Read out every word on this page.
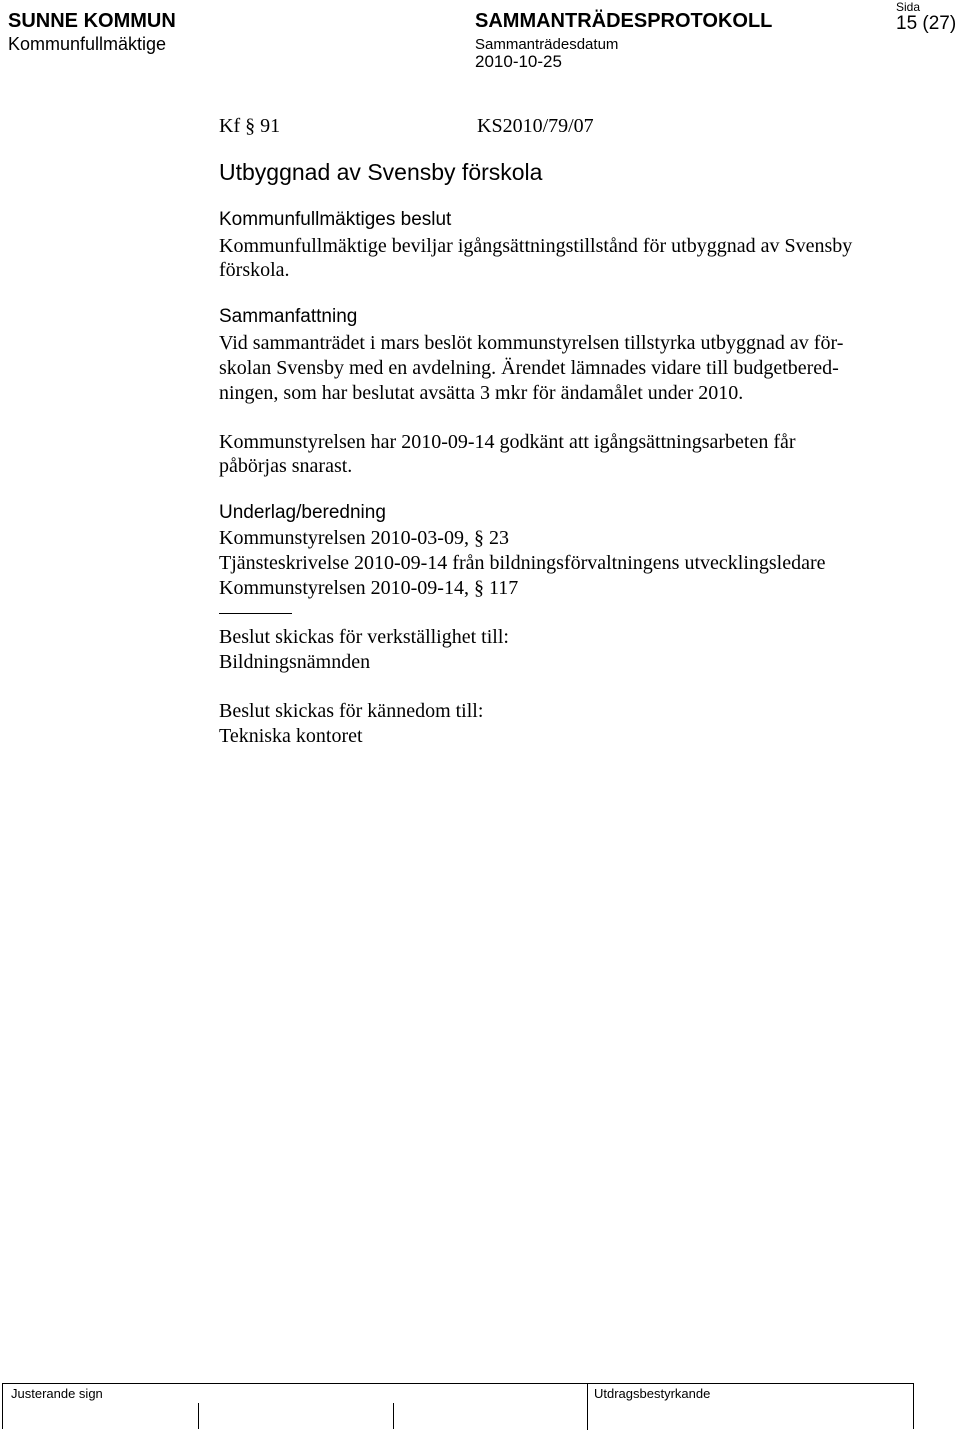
SUNNE KOMMUN
Kommunfullmäktige
SAMMANTRÄDESPROTOKOLL
Sammanträdesdatum
2010-10-25
Sida
15 (27)
Kf § 91	KS2010/79/07
Utbyggnad av Svensby förskola
Kommunfullmäktiges beslut
Kommunfullmäktige beviljar igångsättningstillstånd för utbyggnad av Svensby
förskola.
Sammanfattning
Vid sammanträdet i mars beslöt kommunstyrelsen tillstyrka utbyggnad av för-
skolan Svensby med en avdelning. Ärendet lämnades vidare till budgetbered-
ningen, som har beslutat avsätta 3 mkr för ändamålet under 2010.
Kommunstyrelsen har 2010-09-14 godkänt att igångsättningsarbeten får
påbörjas snarast.
Underlag/beredning
Kommunstyrelsen 2010-03-09, § 23
Tjänsteskrivelse 2010-09-14 från bildningsförvaltningens utvecklingsledare
Kommunstyrelsen 2010-09-14, § 117
Beslut skickas för verkställighet till:
Bildningsnämnden
Beslut skickas för kännedom till:
Tekniska kontoret
Justerande sign	Utdragsbestyrkande
